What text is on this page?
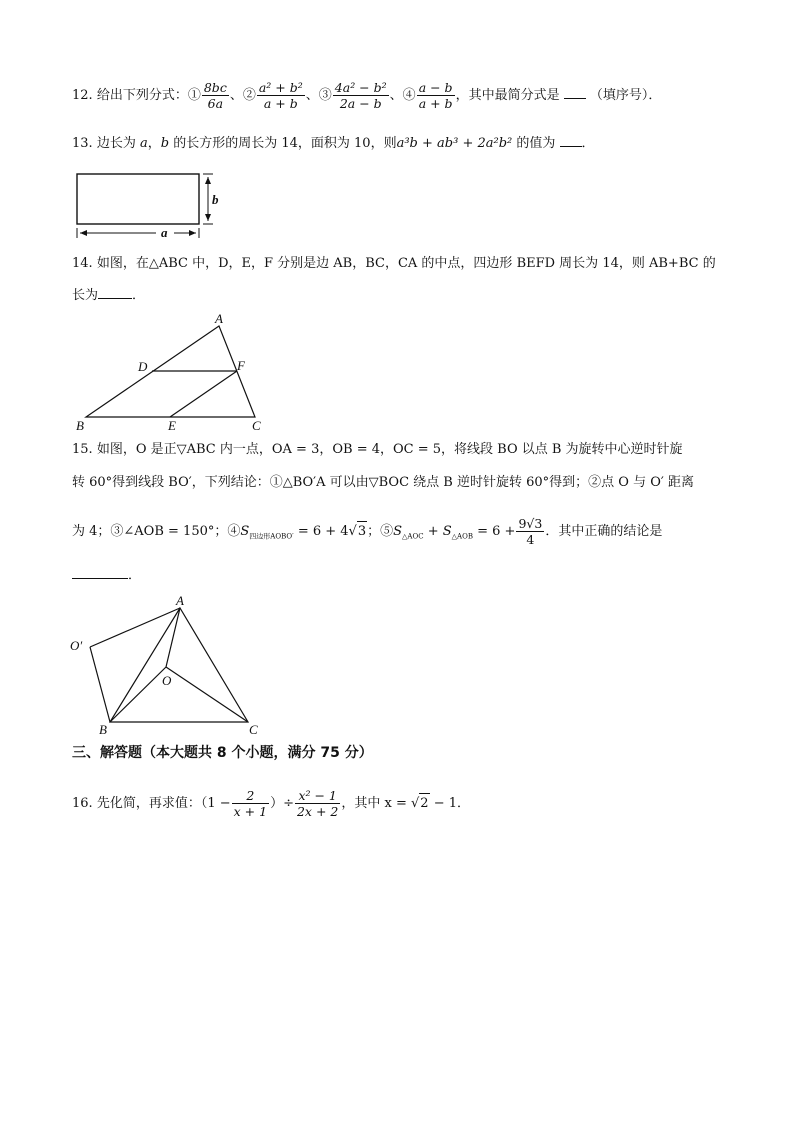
12. 给出下列分式：① $\frac{8bc}{6a}$ 、② $\frac{\text{a² + b²}}{a + b}$ 、③ $\frac{\text{4a² − b²}}{2a - b}$ 、④ $\frac{a - b}{a + b}$ ，其中最简分式是 （填序号）．
13. 边长为 a，b 的长方形的周长为 14，面积为 10，则a³b + ab³ + 2a²b² 的值为 ．
a
b
14. 如图，在△ABC 中，D，E，F 分别是边 AB，BC，CA 的中点，四边形 BEFD 周长为 14，则 AB+BC 的
长为	．
A
D	F
B	E	C
15. 如图，O 是正▽ABC 内一点，OA = 3，OB = 4，OC = 5，将线段 BO 以点 B 为旋转中心逆时针旋
转 60°得到线段 BO′，下列结论：①△BO′A 可以由▽BOC 绕点 B 逆时针旋转 60°得到；②点 O 与 O′ 距离
为 4；③∠AOB = 150°；$④S_{四边形AOBO'} = 6 + 4√3$；$⑤S_{\triangle AOC} + S_{\triangle AOB} = 6 + \frac{9√3}{4}$ ．其中正确的结论是
．
A
O′
O
B	C
三、解答题（本大题共 8 个小题，满分 75 分）
16. 先化简，再求值：（$1 - \frac{2}{x + 1}$ ）÷ $\frac{\text{x² − 1}}{2x + 2}$ ，其中 x = √2 − 1．
